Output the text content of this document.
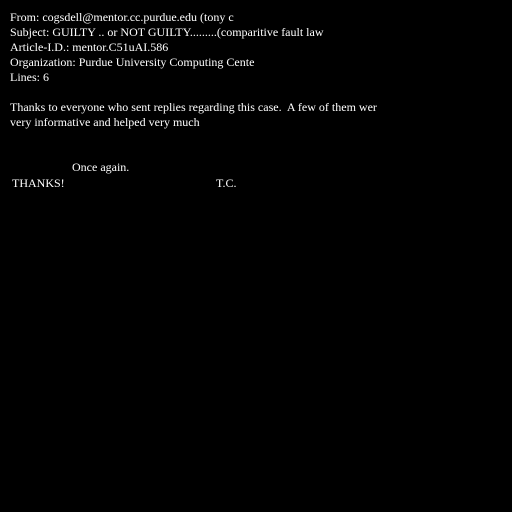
From: cogsdell@mentor.cc.purdue.edu (tony c
Subject: GUILTY .. or NOT GUILTY.........(comparitive fault law
Article-I.D.: mentor.C51uAI.586
Organization: Purdue University Computing Cente
Lines: 6
Thanks to everyone who sent replies regarding this case.  A few of them wer
very informative and helped very much
Once again.
THANKS!	T.C.
